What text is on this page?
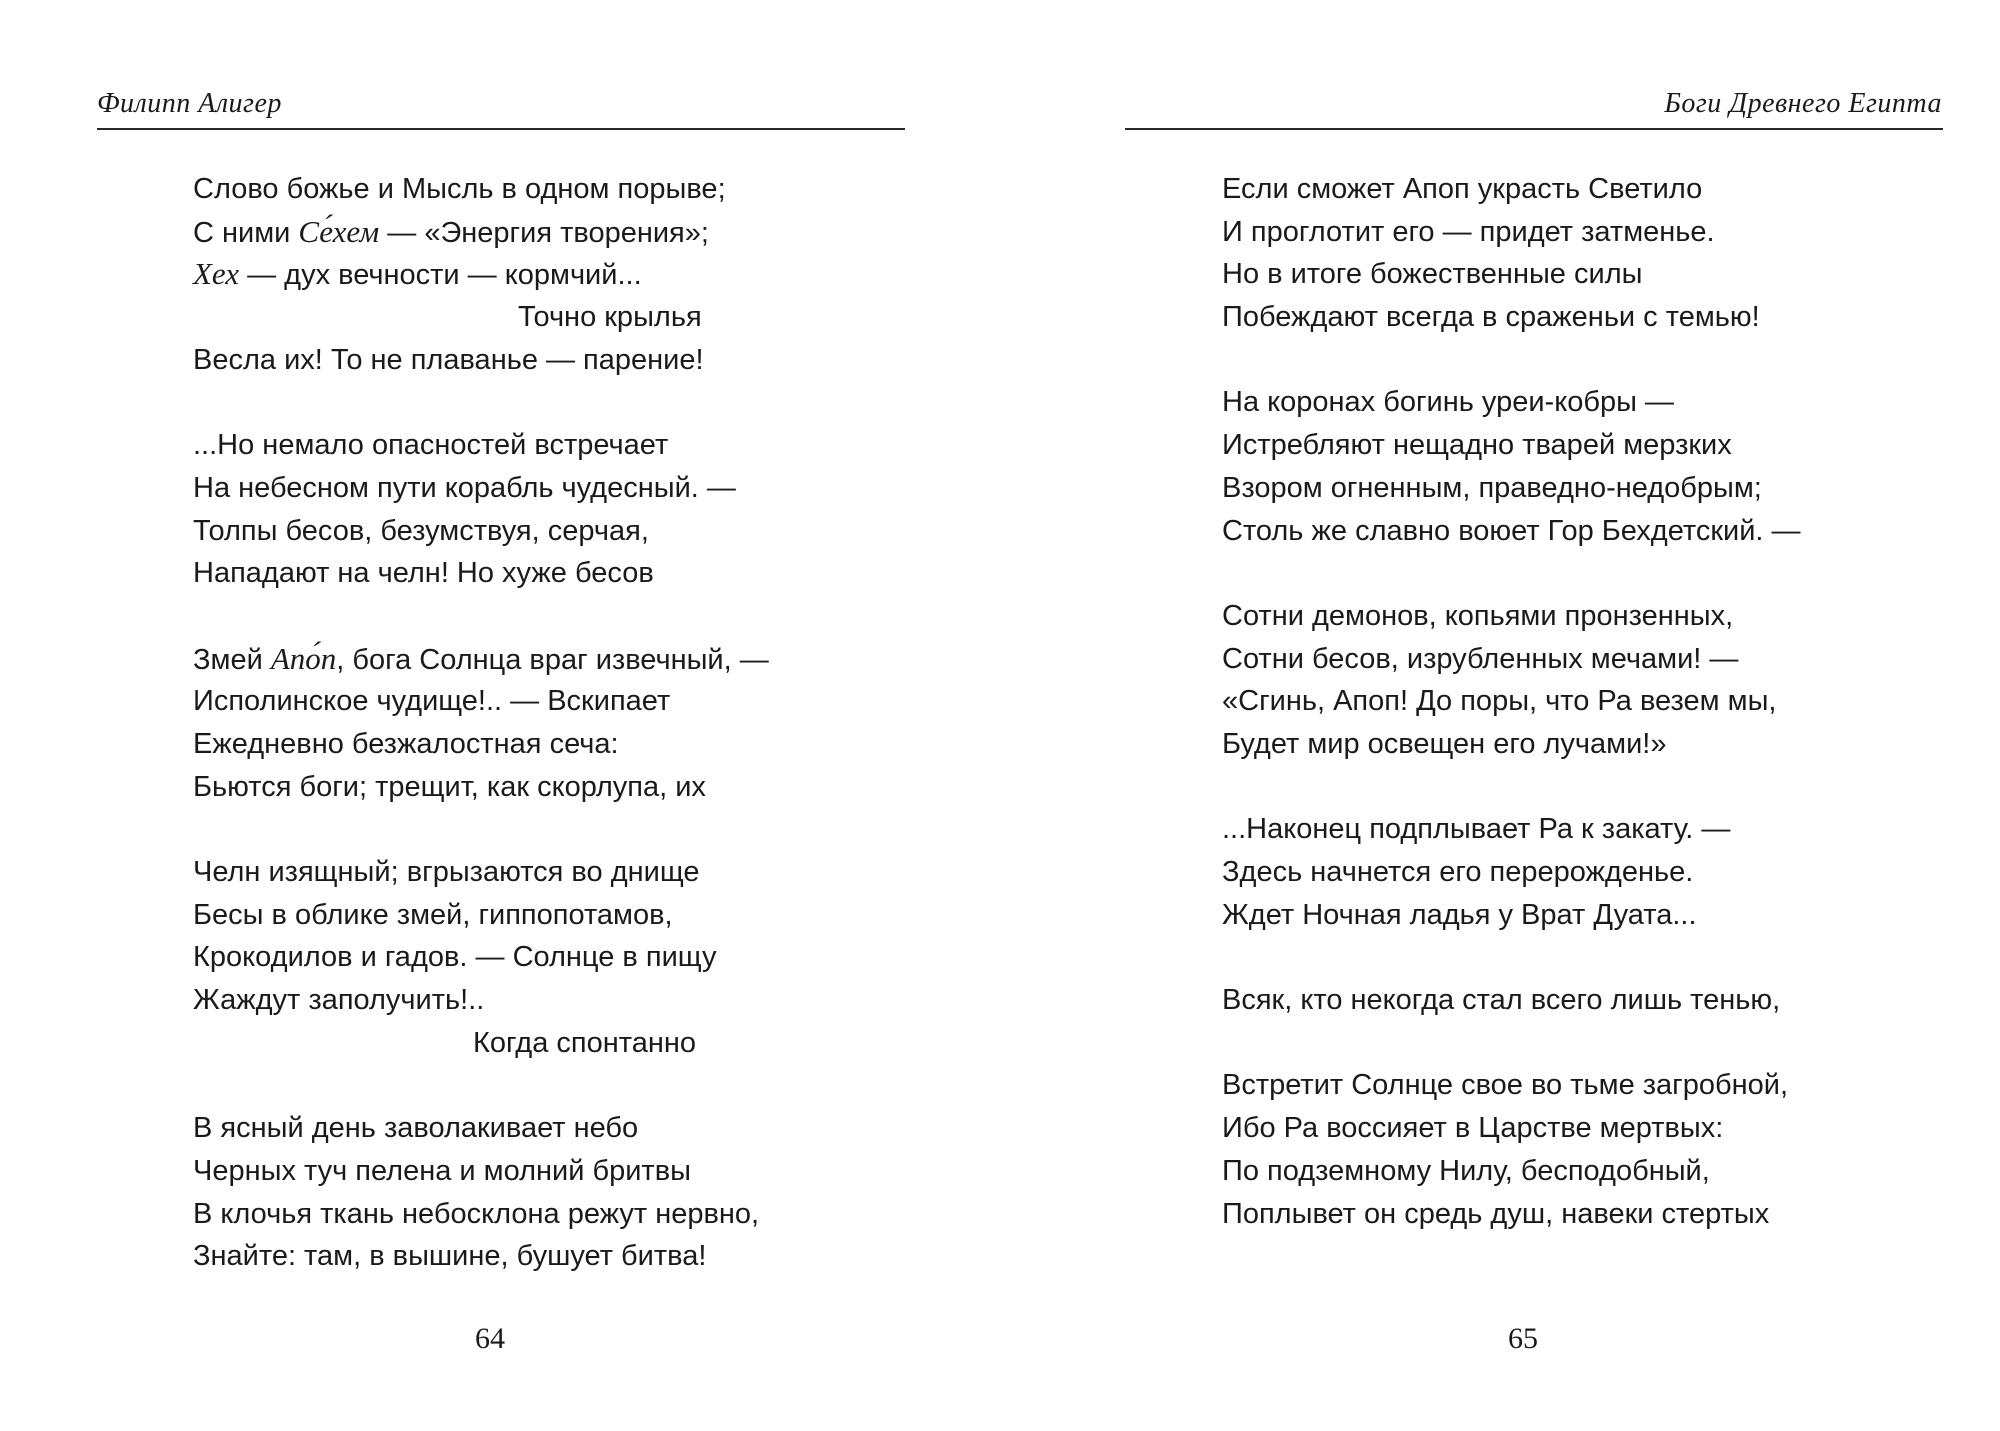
Филипп Алигер
Слово божье и Мысль в одном порыве;
С ними Се́хем — «Энергия творения»;
Хех — дух вечности — кормчий...
Точно крылья
Весла их! То не плаванье — парение!
...Но немало опасностей встречает
На небесном пути корабль чудесный. —
Толпы бесов, безумствуя, серчая,
Нападают на челн! Но хуже бесов
Змей Апо́п, бога Солнца враг извечный, —
Исполинское чудище!.. — Вскипает
Ежедневно безжалостная сеча:
Бьются боги; трещит, как скорлупа, их
Челн изящный; вгрызаются во днище
Бесы в облике змей, гиппопотамов,
Крокодилов и гадов. — Солнце в пищу
Жаждут заполучить!..
Когда спонтанно
В ясный день заволакивает небо
Черных туч пелена и молний бритвы
В клочья ткань небосклона режут нервно,
Знайте: там, в вышине, бушует битва!
64
Боги Древнего Египта
Если сможет Апоп украсть Светило
И проглотит его — придет затменье.
Но в итоге божественные силы
Побеждают всегда в сраженьи с темью!
На коронах богинь уреи-кобры —
Истребляют нещадно тварей мерзких
Взором огненным, праведно-недобрым;
Столь же славно воюет Гор Бехдетский. —
Сотни демонов, копьями пронзенных,
Сотни бесов, изрубленных мечами! —
«Сгинь, Апоп! До поры, что Ра везем мы,
Будет мир освещен его лучами!»
...Наконец подплывает Ра к закату. —
Здесь начнется его перерожденье.
Ждет Ночная ладья у Врат Дуата...
Всяк, кто некогда стал всего лишь тенью,
Встретит Солнце свое во тьме загробной,
Ибо Ра воссияет в Царстве мертвых:
По подземному Нилу, бесподобный,
Поплывет он средь душ, навеки стертых
65
